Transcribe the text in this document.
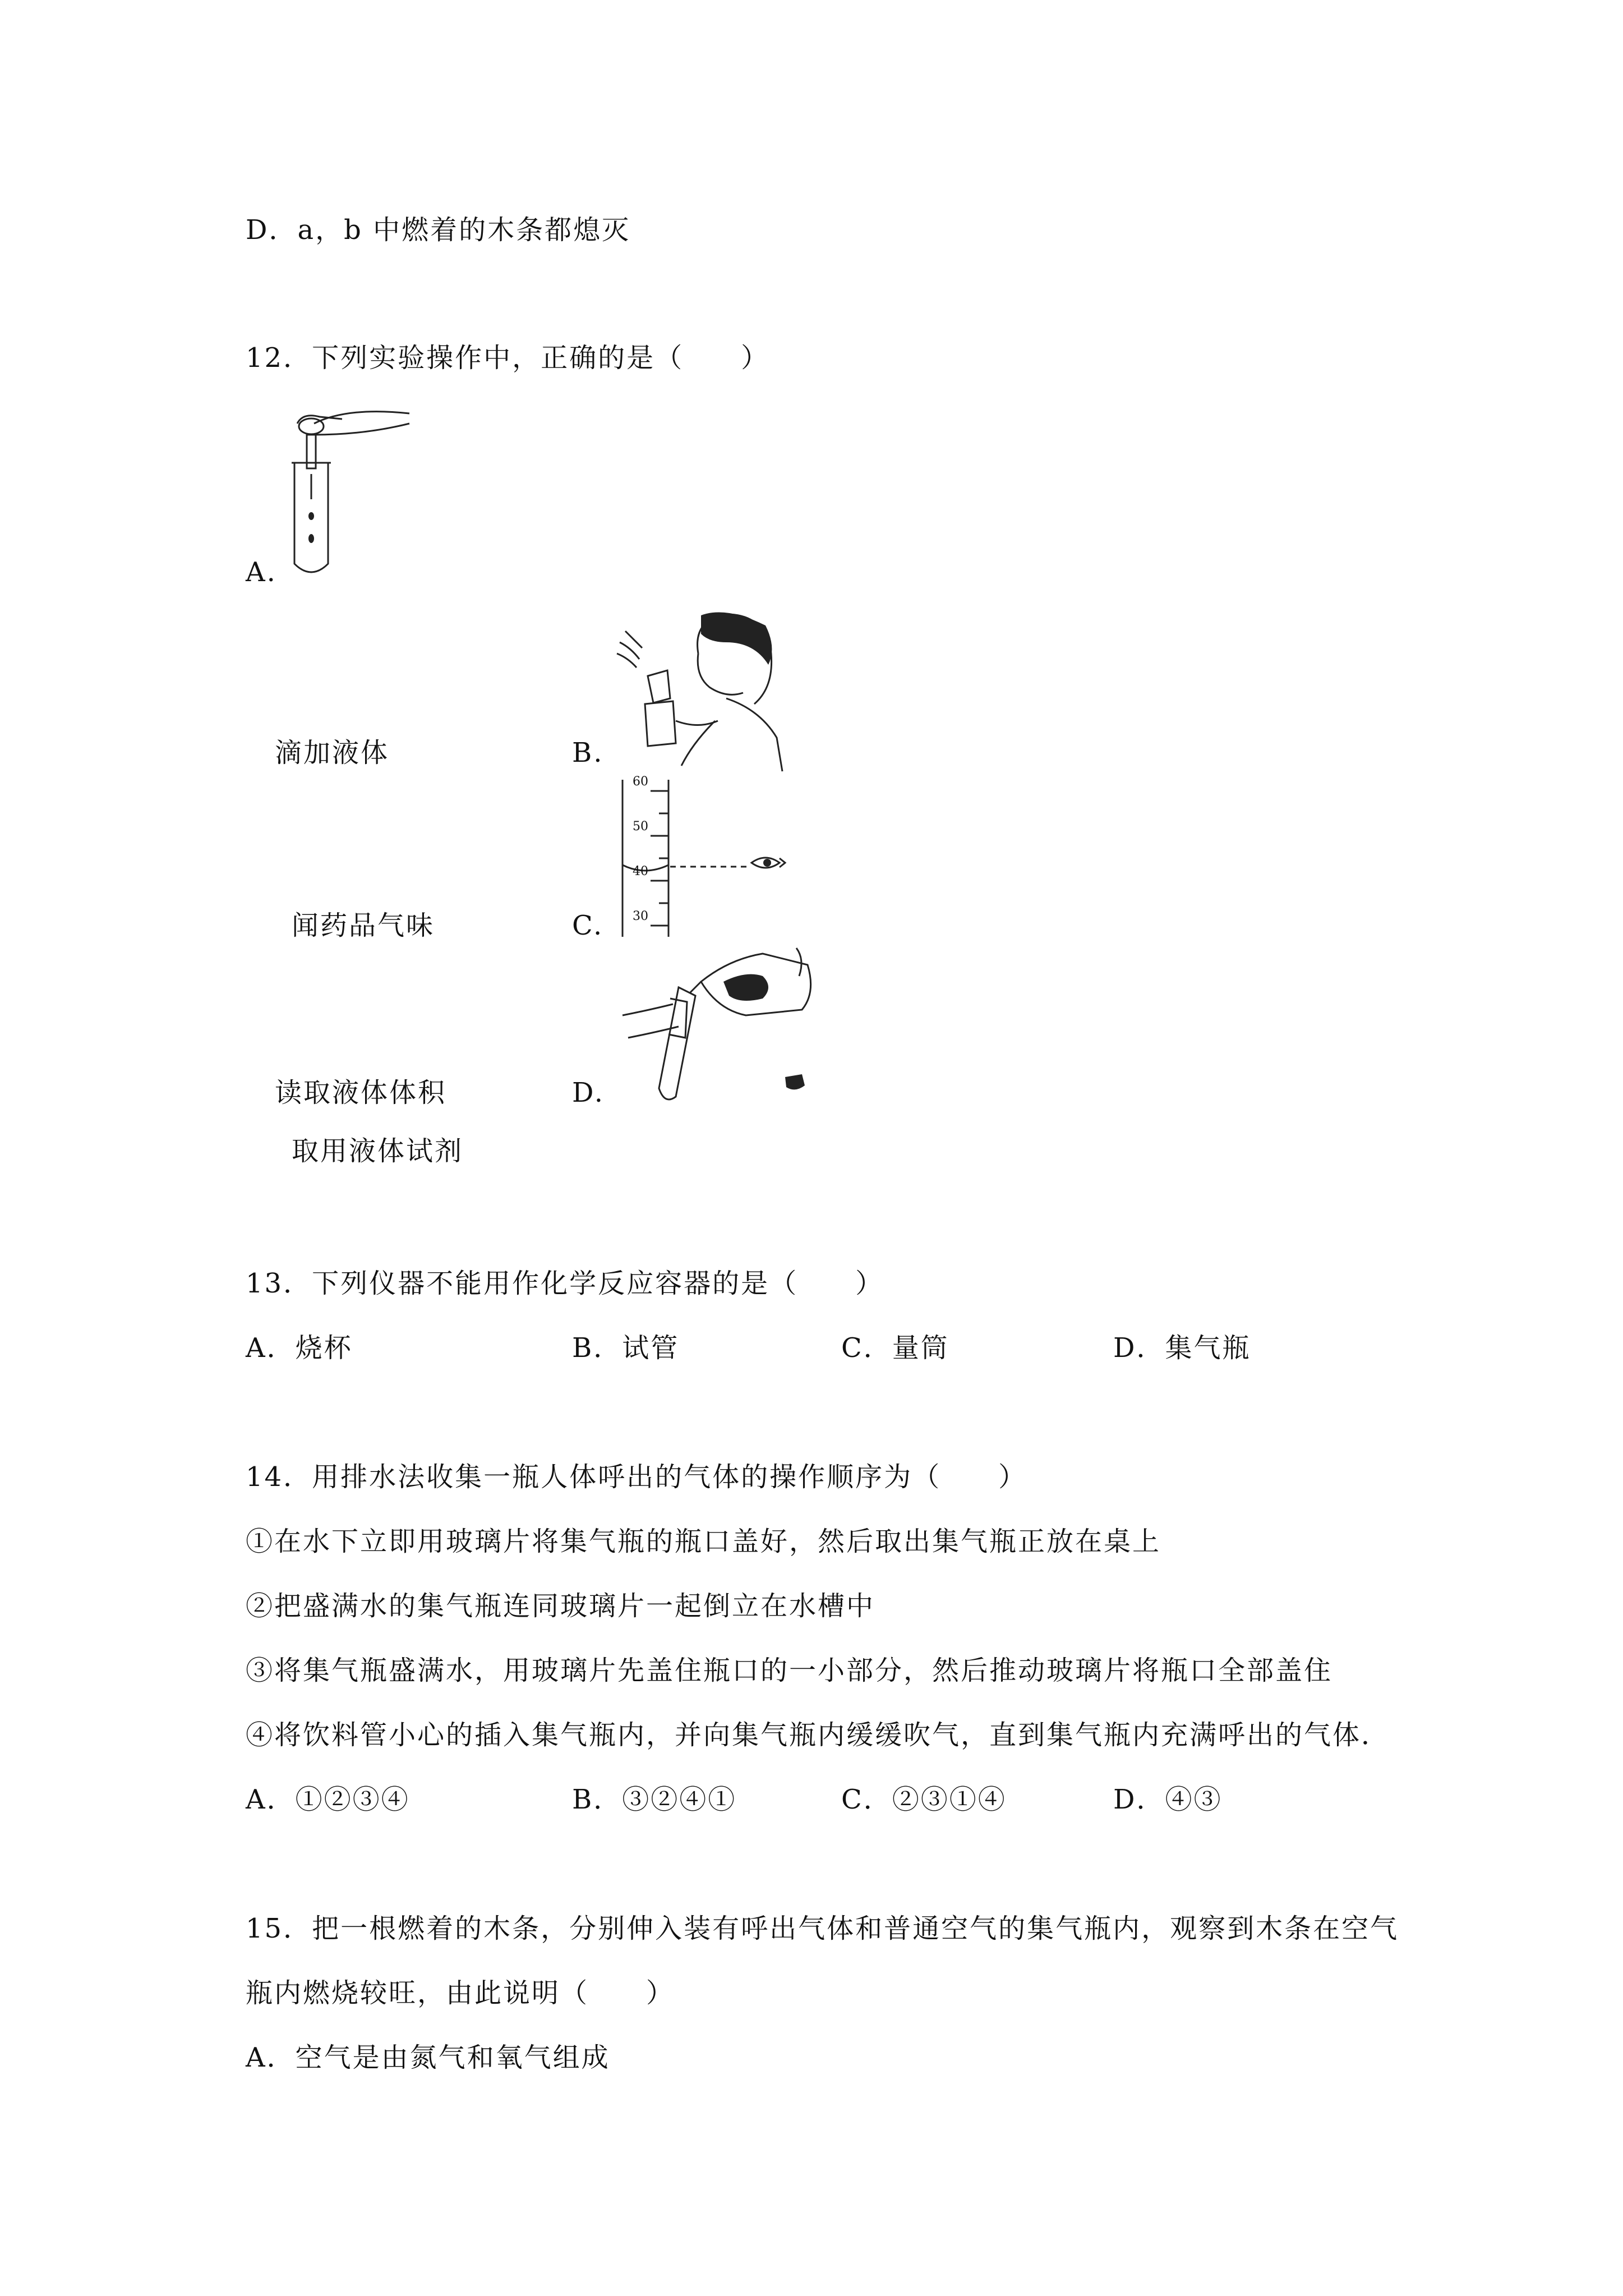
D．a，b 中燃着的木条都熄灭
12．下列实验操作中，正确的是（　　）
A.
滴加液体	B.
60
50
40
30
闻药品气味	C.
读取液体体积	D.
取用液体试剂
13．下列仪器不能用作化学反应容器的是（　　）
A．烧杯	B．试管	C．量筒	D．集气瓶
14．用排水法收集一瓶人体呼出的气体的操作顺序为（　　）
①在水下立即用玻璃片将集气瓶的瓶口盖好，然后取出集气瓶正放在桌上
②把盛满水的集气瓶连同玻璃片一起倒立在水槽中
③将集气瓶盛满水，用玻璃片先盖住瓶口的一小部分，然后推动玻璃片将瓶口全部盖住
④将饮料管小心的插入集气瓶内，并向集气瓶内缓缓吹气，直到集气瓶内充满呼出的气体．
A．①②③④	B．③②④①	C．②③①④	D．④③
15．把一根燃着的木条，分别伸入装有呼出气体和普通空气的集气瓶内，观察到木条在空气
瓶内燃烧较旺，由此说明（　　）
A．空气是由氮气和氧气组成
